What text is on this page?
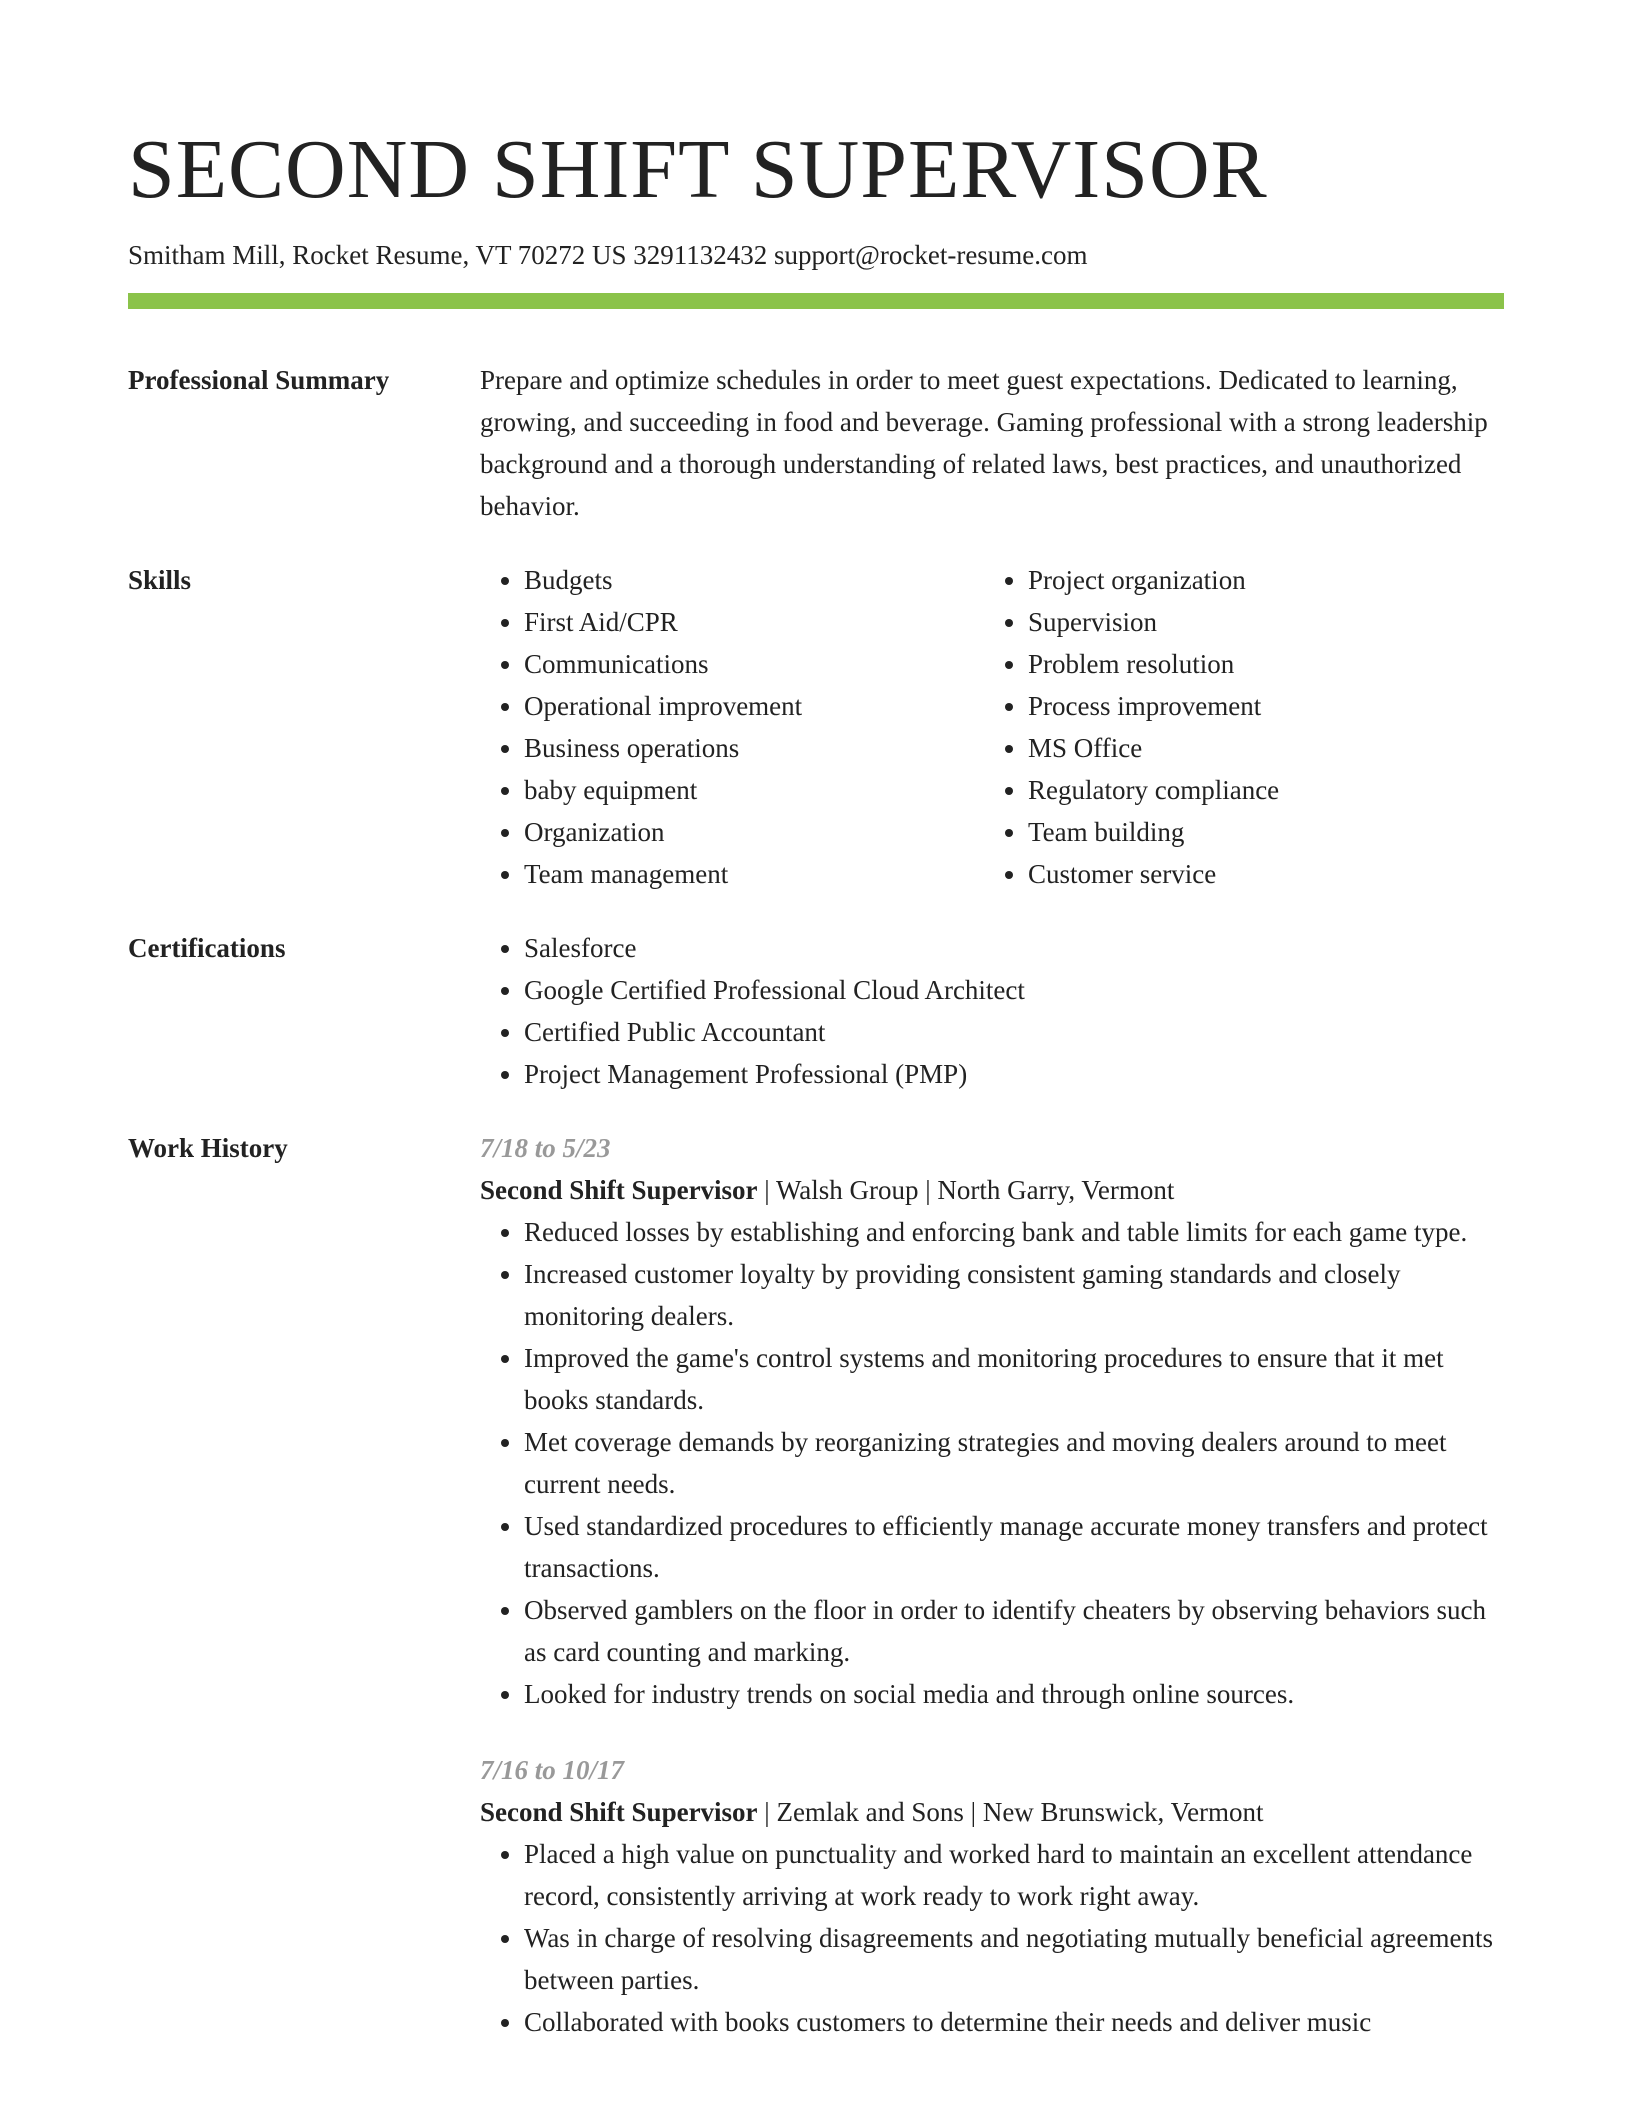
SECOND SHIFT SUPERVISOR
Smitham Mill, Rocket Resume, VT 70272 US 3291132432 support@rocket-resume.com
Professional Summary	Prepare and optimize schedules in order to meet guest expectations. Dedicated to learning, growing, and succeeding in food and beverage. Gaming professional with a strong leadership background and a thorough understanding of related laws, best practices, and unauthorized behavior.
Skills	• Budgets
• First Aid/CPR
• Communications
• Operational improvement
• Business operations
• baby equipment
• Organization
• Team management
• Project organization
• Supervision
• Problem resolution
• Process improvement
• MS Office
• Regulatory compliance
• Team building
• Customer service
Certifications	• Salesforce
• Google Certified Professional Cloud Architect
• Certified Public Accountant
• Project Management Professional (PMP)
Work History	7/18 to 5/23
Second Shift Supervisor | Walsh Group | North Garry, Vermont
• Reduced losses by establishing and enforcing bank and table limits for each game type.
• Increased customer loyalty by providing consistent gaming standards and closely monitoring dealers.
• Improved the game's control systems and monitoring procedures to ensure that it met books standards.
• Met coverage demands by reorganizing strategies and moving dealers around to meet current needs.
• Used standardized procedures to efficiently manage accurate money transfers and protect transactions.
• Observed gamblers on the floor in order to identify cheaters by observing behaviors such as card counting and marking.
• Looked for industry trends on social media and through online sources.
7/16 to 10/17
Second Shift Supervisor | Zemlak and Sons | New Brunswick, Vermont
• Placed a high value on punctuality and worked hard to maintain an excellent attendance record, consistently arriving at work ready to work right away.
• Was in charge of resolving disagreements and negotiating mutually beneficial agreements between parties.
• Collaborated with books customers to determine their needs and deliver music
